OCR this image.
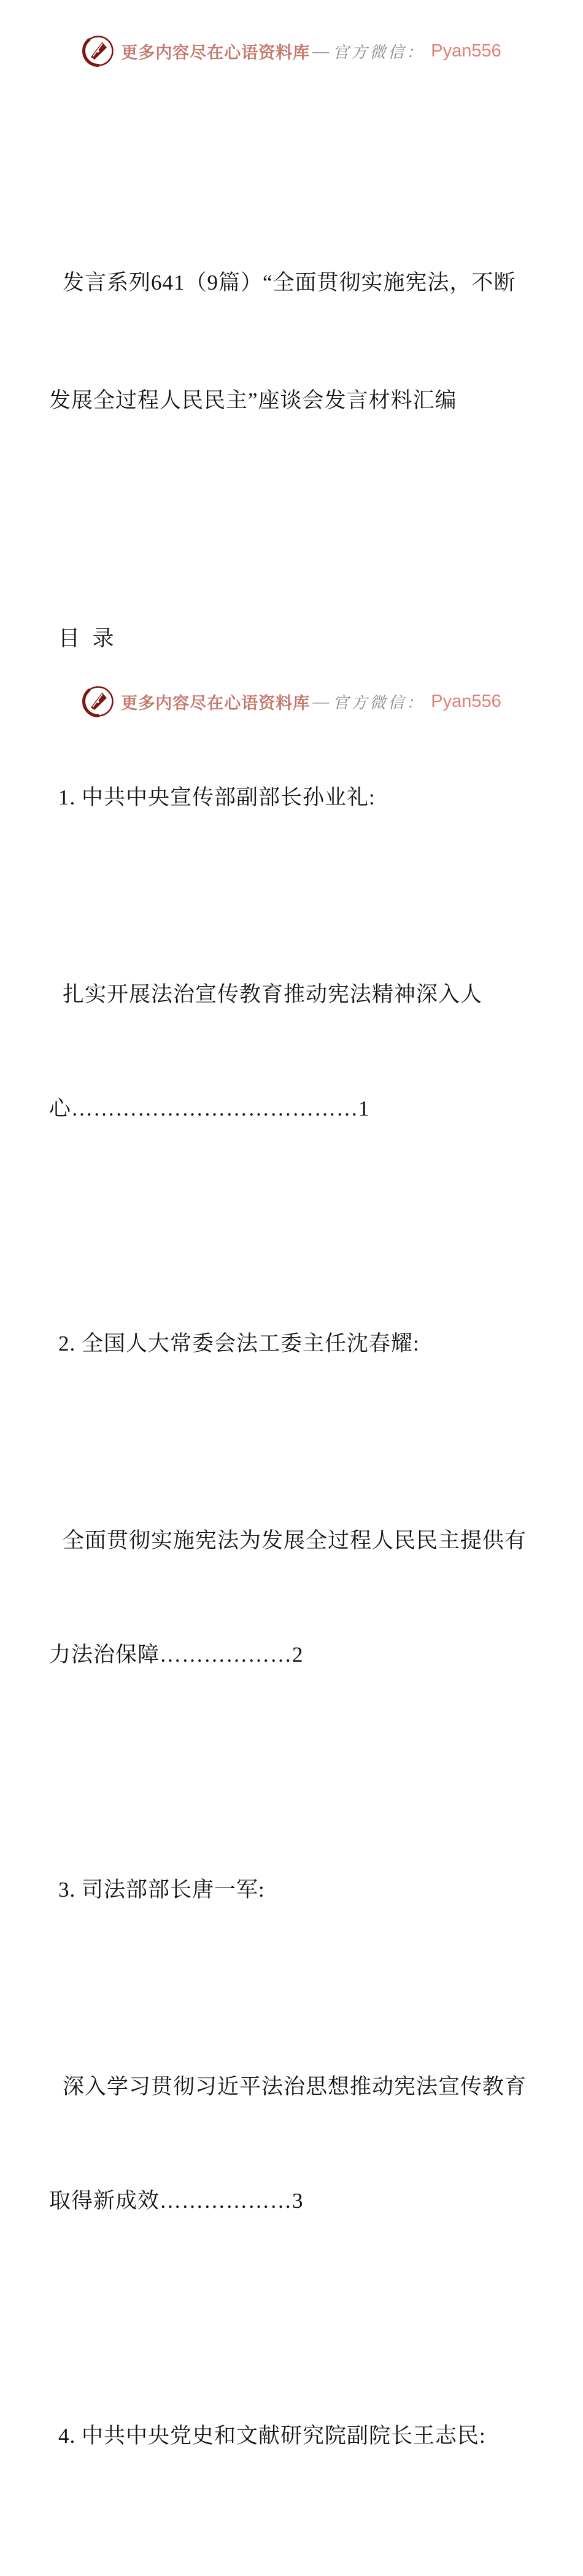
更多内容尽在心语资料库 — 官方微信： Pyan556

发言系列641（9篇）“全面贯彻实施宪法，不断

发展全过程人民民主”座谈会发言材料汇编

目  录

1. 中共中央宣传部副部长孙业礼:

扎实开展法治宣传教育推动宪法精神深入人

心…………………………………1

2. 全国人大常委会法工委主任沈春耀:

全面贯彻实施宪法为发展全过程人民民主提供有

力法治保障………………2

3. 司法部部长唐一军:

深入学习贯彻习近平法治思想推动宪法宣传教育

取得新成效………………3

4. 中共中央党史和文献研究院副院长王志民:

更多内容尽在心语资料库 — 官方微信： Pyan556
